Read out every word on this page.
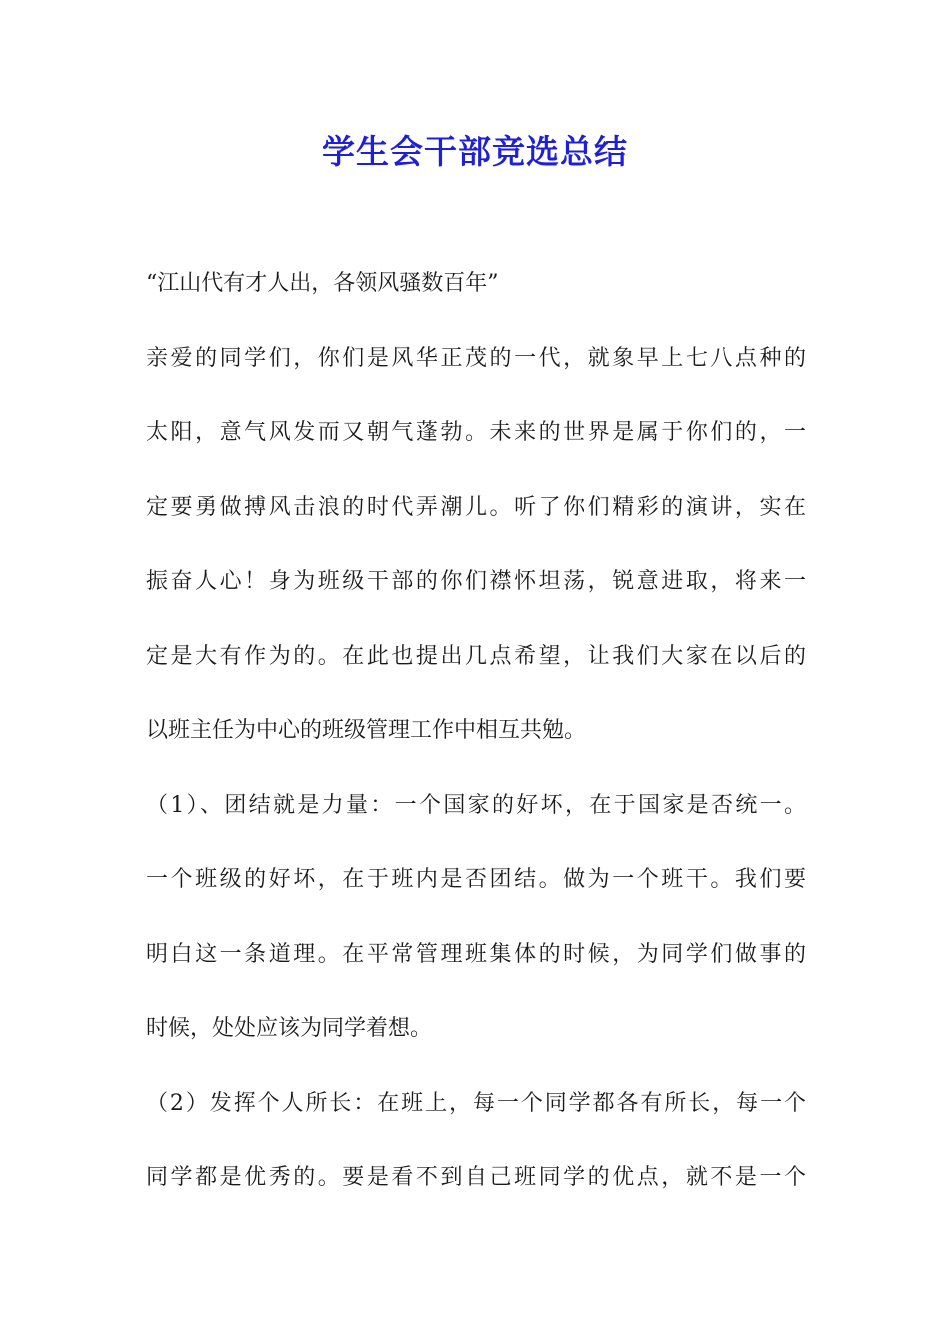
学生会干部竞选总结
“江山代有才人出，各领风骚数百年”
亲爱的同学们，你们是风华正茂的一代，就象早上七八点种的
太阳，意气风发而又朝气蓬勃。未来的世界是属于你们的，一
定要勇做搏风击浪的时代弄潮儿。听了你们精彩的演讲，实在
振奋人心！身为班级干部的你们襟怀坦荡，锐意进取，将来一
定是大有作为的。在此也提出几点希望，让我们大家在以后的
以班主任为中心的班级管理工作中相互共勉。
（1）、团结就是力量：一个国家的好坏，在于国家是否统一。
一个班级的好坏，在于班内是否团结。做为一个班干。我们要
明白这一条道理。在平常管理班集体的时候，为同学们做事的
时候，处处应该为同学着想。
（2）发挥个人所长：在班上，每一个同学都各有所长，每一个
同学都是优秀的。要是看不到自己班同学的优点，就不是一个
